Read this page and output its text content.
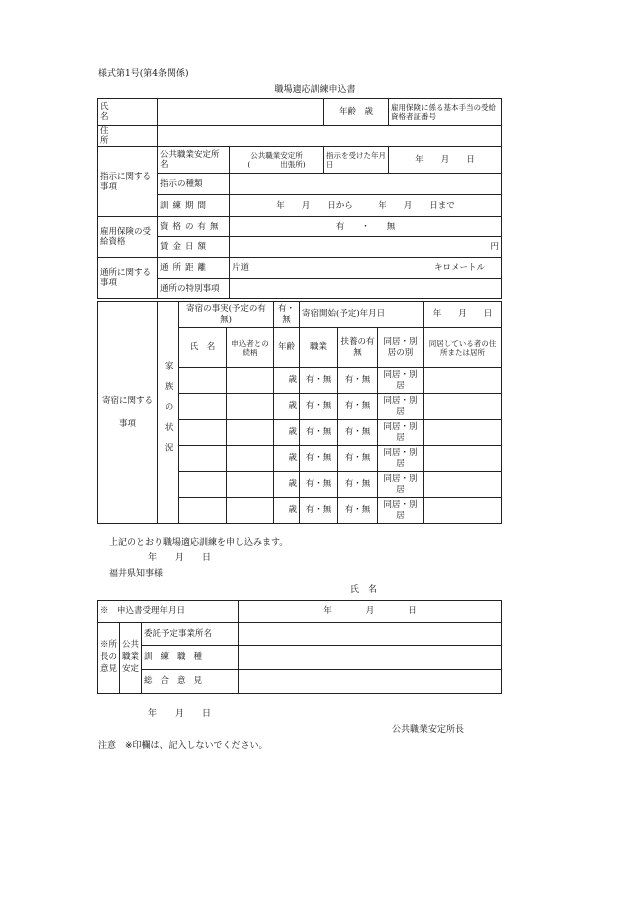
様式第1号(第4条関係)
職場適応訓練申込書
氏　　名			年齢　 歳	雇用保険に係る基本手当の受給資格者証番号
住　　所				
指示に関する事項	公共職業安定所名	公共職業安定所
(　　　　出張所)	指示を受けた年月日	年　　月　　日
	指示の種類			
	訓練期間	年　　月　　日から　　　年　　月　　日まで		
雇用保険の受給資格	資格の有無	有　　・　　無		
	賃金日額	円		
通所に関する事項	通所距離	片道 キロメートル		

	通所の特別事項			
寄宿に関する事項	家族の状況	寄宿の事実(予定の有無)		有・無	寄宿開始(予定)年月日			年　　月　　日
		氏　名	申込者との続柄	年齢	職業	扶養の有無	同居・別居の別	同居している者の住所または居所
				歳	有・無	有・無	同居・別居	
				歳	有・無	有・無	同居・別居	
				歳	有・無	有・無	同居・別居	
				歳	有・無	有・無	同居・別居	
				歳	有・無	有・無	同居・別居	
				歳	有・無	有・無	同居・別居	
上記のとおり職場適応訓練を申し込みます。
年　　月　　日
福井県知事様
氏　名
※　 申込書受理年月日			年　　　　月　　　　日
※所長の意見	公共職業安定	委託予定事業所名	
		訓練職種	
		総合意見	
年　　月　　日
公共職業安定所長
注意　※印欄は、記入しないでください。
